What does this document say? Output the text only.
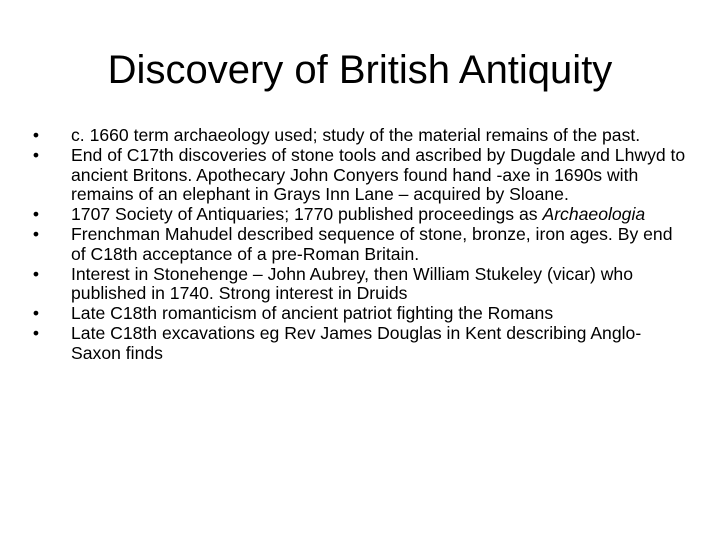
Discovery of British Antiquity
• c. 1660 term archaeology used; study of the material remains of the past.
• End of C17th discoveries of stone tools and ascribed by Dugdale and Lhwyd to ancient Britons. Apothecary John Conyers found hand -axe in 1690s with remains of an elephant in Grays Inn Lane – acquired by Sloane.
• 1707 Society of Antiquaries; 1770 published proceedings as Archaeologia
• Frenchman Mahudel described sequence of stone, bronze, iron ages. By end of C18th acceptance of a pre-Roman Britain.
• Interest in Stonehenge – John Aubrey, then William Stukeley (vicar) who published in 1740. Strong interest in Druids
• Late C18th romanticism of ancient patriot fighting the Romans
• Late C18th excavations eg Rev James Douglas in Kent describing Anglo-Saxon finds
